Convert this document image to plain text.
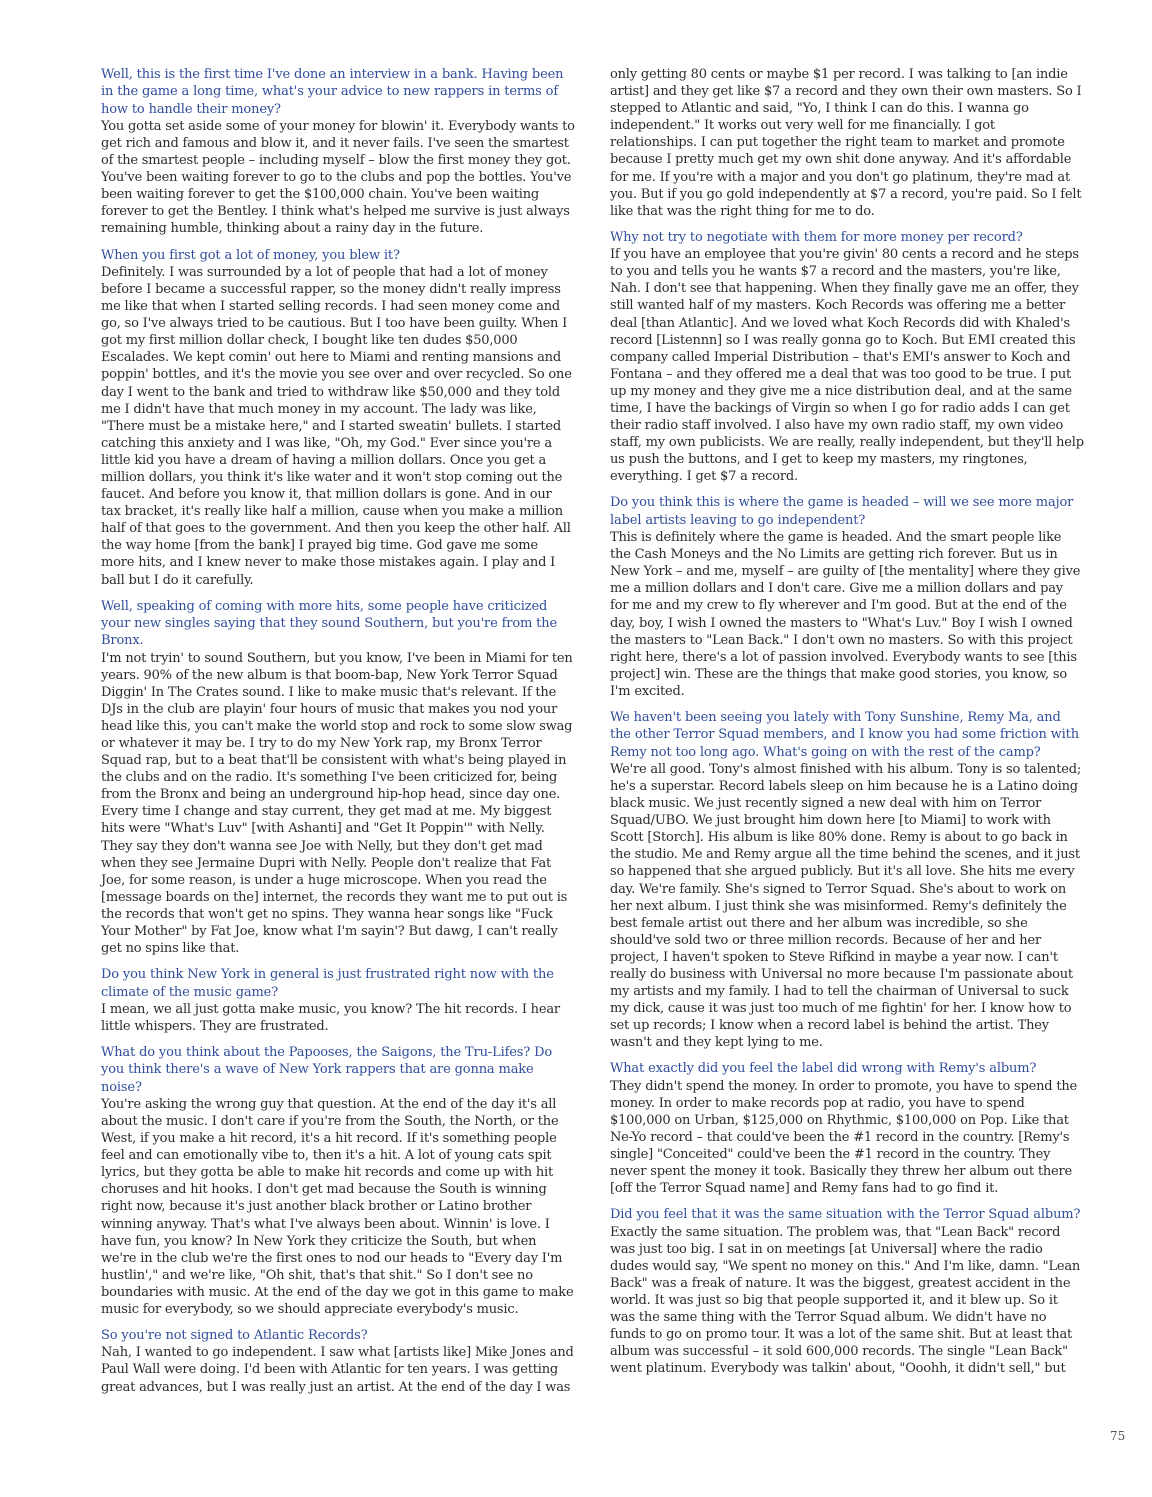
Well, this is the first time I've done an interview in a bank. Having been in the game a long time, what's your advice to new rappers in terms of how to handle their money?

You gotta set aside some of your money for blowin' it. Everybody wants to get rich and famous and blow it, and it never fails. I've seen the smartest of the smartest people – including myself – blow the first money they got. You've been waiting forever to go to the clubs and pop the bottles. You've been waiting forever to get the $100,000 chain. You've been waiting forever to get the Bentley. I think what's helped me survive is just always remaining humble, thinking about a rainy day in the future.

When you first got a lot of money, you blew it?

Definitely. I was surrounded by a lot of people that had a lot of money before I became a successful rapper, so the money didn't really impress me like that when I started selling records. I had seen money come and go, so I've always tried to be cautious. But I too have been guilty. When I got my first million dollar check, I bought like ten dudes $50,000 Escalades. We kept comin' out here to Miami and renting mansions and poppin' bottles, and it's the movie you see over and over recycled. So one day I went to the bank and tried to withdraw like $50,000 and they told me I didn't have that much money in my account. The lady was like, "There must be a mistake here," and I started sweatin' bullets. I started catching this anxiety and I was like, "Oh, my God." Ever since you're a little kid you have a dream of having a million dollars. Once you get a million dollars, you think it's like water and it won't stop coming out the faucet. And before you know it, that million dollars is gone. And in our tax bracket, it's really like half a million, cause when you make a million half of that goes to the government. And then you keep the other half. All the way home [from the bank] I prayed big time. God gave me some more hits, and I knew never to make those mistakes again. I play and I ball but I do it carefully.

Well, speaking of coming with more hits, some people have criticized your new singles saying that they sound Southern, but you're from the Bronx.

I'm not tryin' to sound Southern, but you know, I've been in Miami for ten years. 90% of the new album is that boom-bap, New York Terror Squad Diggin' In The Crates sound. I like to make music that's relevant. If the DJs in the club are playin' four hours of music that makes you nod your head like this, you can't make the world stop and rock to some slow swag or whatever it may be. I try to do my New York rap, my Bronx Terror Squad rap, but to a beat that'll be consistent with what's being played in the clubs and on the radio. It's something I've been criticized for, being from the Bronx and being an underground hip-hop head, since day one. Every time I change and stay current, they get mad at me. My biggest hits were "What's Luv" [with Ashanti] and "Get It Poppin'" with Nelly. They say they don't wanna see Joe with Nelly, but they don't get mad when they see Jermaine Dupri with Nelly. People don't realize that Fat Joe, for some reason, is under a huge microscope. When you read the [message boards on the] internet, the records they want me to put out is the records that won't get no spins. They wanna hear songs like "Fuck Your Mother" by Fat Joe, know what I'm sayin'? But dawg, I can't really get no spins like that.

Do you think New York in general is just frustrated right now with the climate of the music game?

I mean, we all just gotta make music, you know? The hit records. I hear little whispers. They are frustrated.

What do you think about the Papooses, the Saigons, the Tru-Lifes? Do you think there's a wave of New York rappers that are gonna make noise?

You're asking the wrong guy that question. At the end of the day it's all about the music. I don't care if you're from the South, the North, or the West, if you make a hit record, it's a hit record. If it's something people feel and can emotionally vibe to, then it's a hit. A lot of young cats spit lyrics, but they gotta be able to make hit records and come up with hit choruses and hit hooks. I don't get mad because the South is winning right now, because it's just another black brother or Latino brother winning anyway. That's what I've always been about. Winnin' is love. I have fun, you know? In New York they criticize the South, but when we're in the club we're the first ones to nod our heads to "Every day I'm hustlin'," and we're like, "Oh shit, that's that shit." So I don't see no boundaries with music. At the end of the day we got in this game to make music for everybody, so we should appreciate everybody's music.

So you're not signed to Atlantic Records?

Nah, I wanted to go independent. I saw what [artists like] Mike Jones and Paul Wall were doing. I'd been with Atlantic for ten years. I was getting great advances, but I was really just an artist. At the end of the day I was

only getting 80 cents or maybe $1 per record. I was talking to [an indie artist] and they get like $7 a record and they own their own masters. So I stepped to Atlantic and said, "Yo, I think I can do this. I wanna go independent." It works out very well for me financially. I got relationships. I can put together the right team to market and promote because I pretty much get my own shit done anyway. And it's affordable for me. If you're with a major and you don't go platinum, they're mad at you. But if you go gold independently at $7 a record, you're paid. So I felt like that was the right thing for me to do.

Why not try to negotiate with them for more money per record?

If you have an employee that you're givin' 80 cents a record and he steps to you and tells you he wants $7 a record and the masters, you're like, Nah. I don't see that happening. When they finally gave me an offer, they still wanted half of my masters. Koch Records was offering me a better deal [than Atlantic]. And we loved what Koch Records did with Khaled's record [Listennn] so I was really gonna go to Koch. But EMI created this company called Imperial Distribution – that's EMI's answer to Koch and Fontana – and they offered me a deal that was too good to be true. I put up my money and they give me a nice distribution deal, and at the same time, I have the backings of Virgin so when I go for radio adds I can get their radio staff involved. I also have my own radio staff, my own video staff, my own publicists. We are really, really independent, but they'll help us push the buttons, and I get to keep my masters, my ringtones, everything. I get $7 a record.

Do you think this is where the game is headed – will we see more major label artists leaving to go independent?

This is definitely where the game is headed. And the smart people like the Cash Moneys and the No Limits are getting rich forever. But us in New York – and me, myself – are guilty of [the mentality] where they give me a million dollars and I don't care. Give me a million dollars and pay for me and my crew to fly wherever and I'm good. But at the end of the day, boy, I wish I owned the masters to "What's Luv." Boy I wish I owned the masters to "Lean Back." I don't own no masters. So with this project right here, there's a lot of passion involved. Everybody wants to see [this project] win. These are the things that make good stories, you know, so I'm excited.

We haven't been seeing you lately with Tony Sunshine, Remy Ma, and the other Terror Squad members, and I know you had some friction with Remy not too long ago. What's going on with the rest of the camp?

We're all good. Tony's almost finished with his album. Tony is so talented; he's a superstar. Record labels sleep on him because he is a Latino doing black music. We just recently signed a new deal with him on Terror Squad/UBO. We just brought him down here [to Miami] to work with Scott [Storch]. His album is like 80% done. Remy is about to go back in the studio. Me and Remy argue all the time behind the scenes, and it just so happened that she argued publicly. But it's all love. She hits me every day. We're family. She's signed to Terror Squad. She's about to work on her next album. I just think she was misinformed. Remy's definitely the best female artist out there and her album was incredible, so she should've sold two or three million records. Because of her and her project, I haven't spoken to Steve Rifkind in maybe a year now. I can't really do business with Universal no more because I'm passionate about my artists and my family. I had to tell the chairman of Universal to suck my dick, cause it was just too much of me fightin' for her. I know how to set up records; I know when a record label is behind the artist. They wasn't and they kept lying to me.

What exactly did you feel the label did wrong with Remy's album?

They didn't spend the money. In order to promote, you have to spend the money. In order to make records pop at radio, you have to spend $100,000 on Urban, $125,000 on Rhythmic, $100,000 on Pop. Like that Ne-Yo record – that could've been the #1 record in the country. [Remy's single] "Conceited" could've been the #1 record in the country. They never spent the money it took. Basically they threw her album out there [off the Terror Squad name] and Remy fans had to go find it.

Did you feel that it was the same situation with the Terror Squad album?

Exactly the same situation. The problem was, that "Lean Back" record was just too big. I sat in on meetings [at Universal] where the radio dudes would say, "We spent no money on this." And I'm like, damn. "Lean Back" was a freak of nature. It was the biggest, greatest accident in the world. It was just so big that people supported it, and it blew up. So it was the same thing with the Terror Squad album. We didn't have no funds to go on promo tour. It was a lot of the same shit. But at least that album was successful – it sold 600,000 records. The single "Lean Back" went platinum. Everybody was talkin' about, "Ooohh, it didn't sell," but

75
